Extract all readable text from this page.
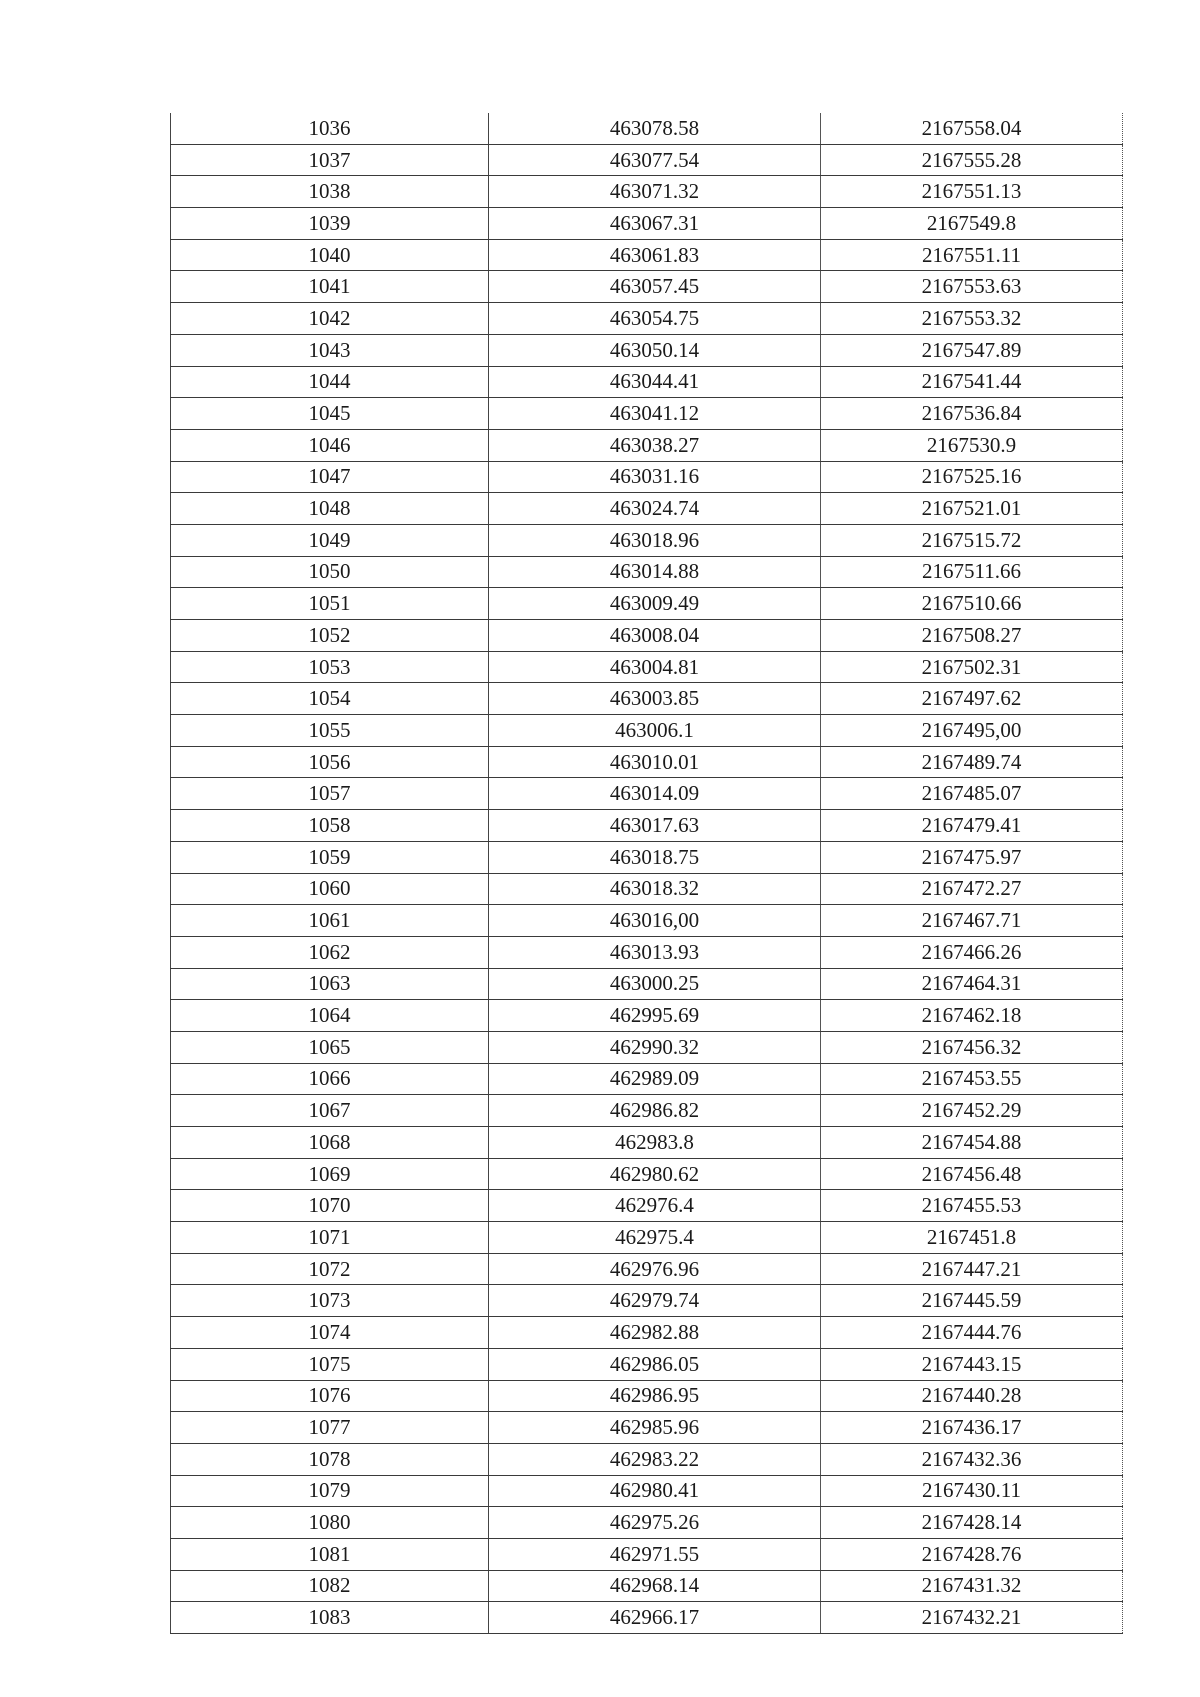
1036	463078.58	2167558.04
1037	463077.54	2167555.28
1038	463071.32	2167551.13
1039	463067.31	2167549.8
1040	463061.83	2167551.11
1041	463057.45	2167553.63
1042	463054.75	2167553.32
1043	463050.14	2167547.89
1044	463044.41	2167541.44
1045	463041.12	2167536.84
1046	463038.27	2167530.9
1047	463031.16	2167525.16
1048	463024.74	2167521.01
1049	463018.96	2167515.72
1050	463014.88	2167511.66
1051	463009.49	2167510.66
1052	463008.04	2167508.27
1053	463004.81	2167502.31
1054	463003.85	2167497.62
1055	463006.1	2167495,00
1056	463010.01	2167489.74
1057	463014.09	2167485.07
1058	463017.63	2167479.41
1059	463018.75	2167475.97
1060	463018.32	2167472.27
1061	463016,00	2167467.71
1062	463013.93	2167466.26
1063	463000.25	2167464.31
1064	462995.69	2167462.18
1065	462990.32	2167456.32
1066	462989.09	2167453.55
1067	462986.82	2167452.29
1068	462983.8	2167454.88
1069	462980.62	2167456.48
1070	462976.4	2167455.53
1071	462975.4	2167451.8
1072	462976.96	2167447.21
1073	462979.74	2167445.59
1074	462982.88	2167444.76
1075	462986.05	2167443.15
1076	462986.95	2167440.28
1077	462985.96	2167436.17
1078	462983.22	2167432.36
1079	462980.41	2167430.11
1080	462975.26	2167428.14
1081	462971.55	2167428.76
1082	462968.14	2167431.32
1083	462966.17	2167432.21
